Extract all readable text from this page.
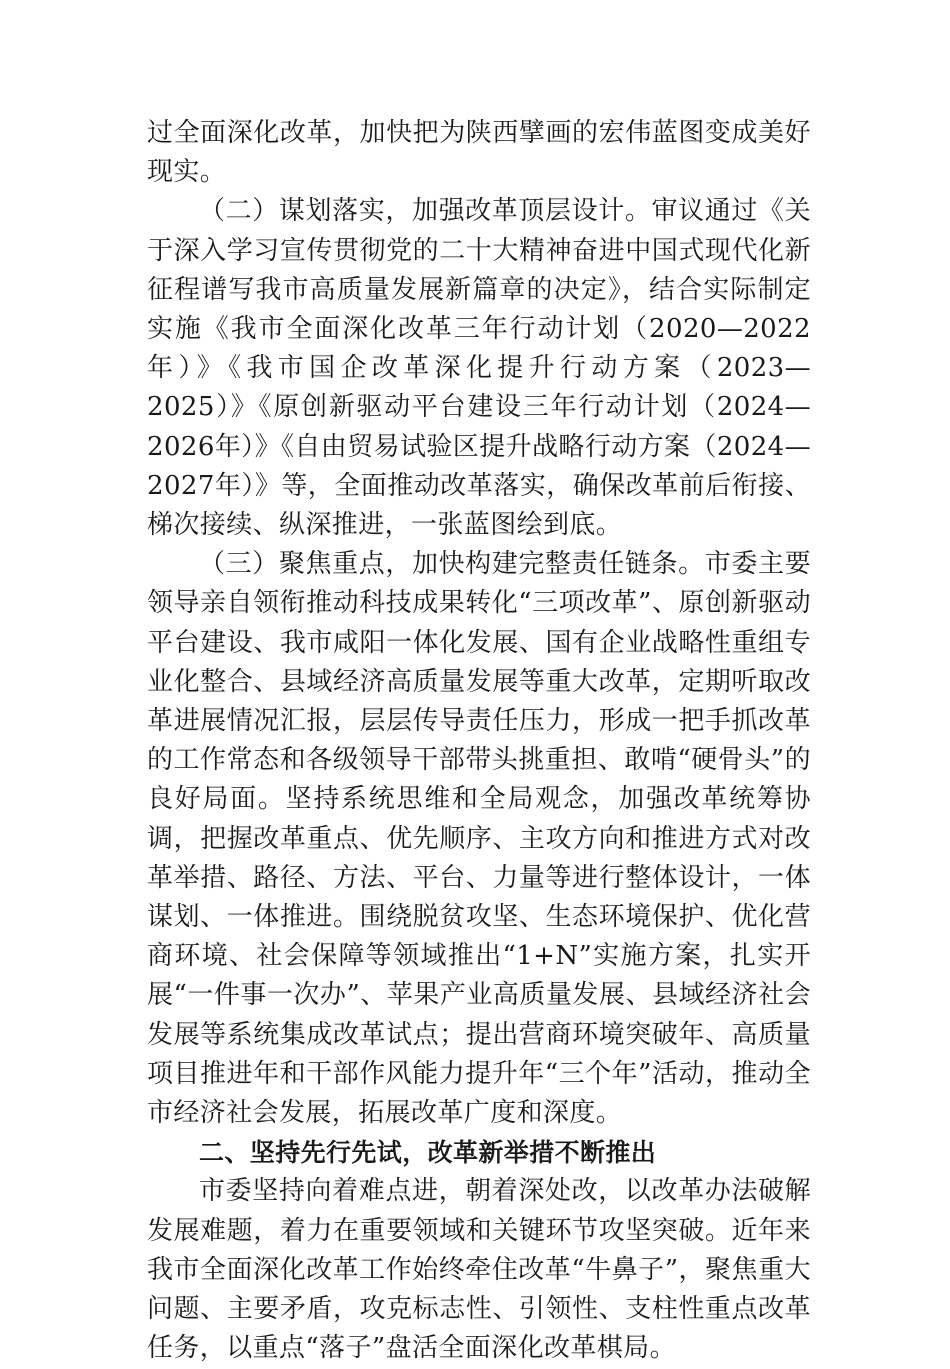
过全面深化改革，加快把为陕西擘画的宏伟蓝图变成美好现实。

（二）谋划落实，加强改革顶层设计。审议通过《关于深入学习宣传贯彻党的二十大精神奋进中国式现代化新征程谱写我市高质量发展新篇章的决定》，结合实际制定实施《我市全面深化改革三年行动计划（2020—2022年）》《我市国企改革深化提升行动方案（2023—2025）》《原创新驱动平台建设三年行动计划（2024—2026年）》《自由贸易试验区提升战略行动方案（2024—2027年）》等，全面推动改革落实，确保改革前后衔接、梯次接续、纵深推进，一张蓝图绘到底。

（三）聚焦重点，加快构建完整责任链条。市委主要领导亲自领衔推动科技成果转化“三项改革”、原创新驱动平台建设、我市咸阳一体化发展、国有企业战略性重组专业化整合、县域经济高质量发展等重大改革，定期听取改革进展情况汇报，层层传导责任压力，形成一把手抓改革的工作常态和各级领导干部带头挑重担、敢啃“硬骨头”的良好局面。坚持系统思维和全局观念，加强改革统筹协调，把握改革重点、优先顺序、主攻方向和推进方式对改革举措、路径、方法、平台、力量等进行整体设计，一体谋划、一体推进。围绕脱贫攻坚、生态环境保护、优化营商环境、社会保障等领域推出“1+N”实施方案，扎实开展“一件事一次办”、苹果产业高质量发展、县域经济社会发展等系统集成改革试点；提出营商环境突破年、高质量项目推进年和干部作风能力提升年“三个年”活动，推动全市经济社会发展，拓展改革广度和深度。

二、坚持先行先试，改革新举措不断推出

市委坚持向着难点进，朝着深处改，以改革办法破解发展难题，着力在重要领域和关键环节攻坚突破。近年来我市全面深化改革工作始终牵住改革“牛鼻子”，聚焦重大问题、主要矛盾，攻克标志性、引领性、支柱性重点改革任务，以重点“落子”盘活全面深化改革棋局。
